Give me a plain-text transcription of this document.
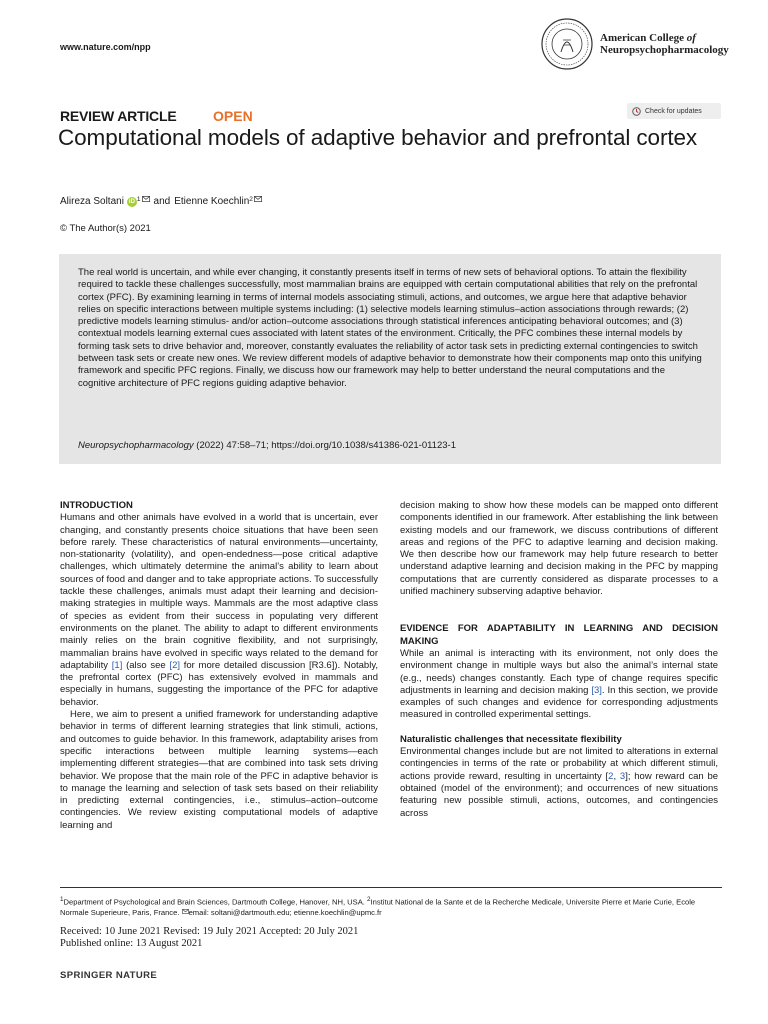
www.nature.com/npp
American College of
Neuropsychopharmacology
REVIEW ARTICLE	OPEN	Check for updates
Computational models of adaptive behavior and prefrontal cortex
Alireza Soltani iD $^1$ and Etienne Koechlin$^2$
© The Author(s) 2021
The real world is uncertain, and while ever changing, it constantly presents itself in terms of new sets of behavioral options. To attain the flexibility required to tackle these challenges successfully, most mammalian brains are equipped with certain computational abilities that rely on the prefrontal cortex (PFC). By examining learning in terms of internal models associating stimuli, actions, and outcomes, we argue here that adaptive behavior relies on specific interactions between multiple systems including: (1) selective models learning stimulus–action associations through rewards; (2) predictive models learning stimulus- and/or action–outcome associations through statistical inferences anticipating behavioral outcomes; and (3) contextual models learning external cues associated with latent states of the environment. Critically, the PFC combines these internal models by forming task sets to drive behavior and, moreover, constantly evaluates the reliability of actor task sets in predicting external contingencies to switch between task sets or create new ones. We review different models of adaptive behavior to demonstrate how their components map onto this unifying framework and specific PFC regions. Finally, we discuss how our framework may help to better understand the neural computations and the cognitive architecture of PFC regions guiding adaptive behavior.
Neuropsychopharmacology (2022) 47:58–71; https://doi.org/10.1038/s41386-021-01123-1
INTRODUCTION
Humans and other animals have evolved in a world that is uncertain, ever changing, and constantly presents choice situations that have been seen before rarely. These characteristics of natural environments—uncertainty, non-stationarity (volatility), and open-endedness—pose critical adaptive challenges, which ultimately determine the animal’s ability to learn about sources of food and danger and to take appropriate actions. To successfully tackle these challenges, animals must adapt their learning and decision-making strategies in multiple ways. Mammals are the most adaptive class of species as evident from their success in populating very different environments on the planet. The ability to adapt to different environments mainly relies on the brain cognitive flexibility, and not surprisingly, mammalian brains have evolved in specific ways related to the demand for adaptability [1] (also see [2] for more detailed discussion [R3.6]). Notably, the prefrontal cortex (PFC) has extensively evolved in mammals and especially in humans, suggesting the importance of the PFC for adaptive behavior.
Here, we aim to present a unified framework for understanding adaptive behavior in terms of different learning strategies that link stimuli, actions, and outcomes to guide behavior. In this framework, adaptability arises from specific interactions between multiple learning systems—each implementing different strategies—that are combined into task sets driving behavior. We propose that the main role of the PFC in adaptive behavior is to manage the learning and selection of task sets based on their reliability in predicting external contingencies, i.e., stimulus–action–outcome contingencies. We review existing computational models of adaptive learning and
decision making to show how these models can be mapped onto different components identified in our framework. After establishing the link between existing models and our framework, we discuss contributions of different areas and regions of the PFC to adaptive learning and decision making. We then describe how our framework may help future research to better understand adaptive learning and decision making in the PFC by mapping computations that are currently considered as disparate processes to a unified machinery subserving adaptive behavior.
EVIDENCE FOR ADAPTABILITY IN LEARNING AND DECISION MAKING
While an animal is interacting with its environment, not only does the environment change in multiple ways but also the animal’s internal state (e.g., needs) changes constantly. Each type of change requires specific adjustments in learning and decision making [3]. In this section, we provide examples of such changes and evidence for corresponding adjustments measured in controlled experimental settings.
Naturalistic challenges that necessitate flexibility
Environmental changes include but are not limited to alterations in external contingencies in terms of the rate or probability at which different stimuli, actions provide reward, resulting in uncertainty [2, 3]; how reward can be obtained (model of the environment); and occurrences of new situations featuring new possible stimuli, actions, outcomes, and contingencies across
$^1$Department of Psychological and Brain Sciences, Dartmouth College, Hanover, NH, USA. $^2$Institut National de la Sante et de la Recherche Medicale, Universite Pierre et Marie Curie, Ecole Normale Superieure, Paris, France. email: soltani@dartmouth.edu; etienne.koechlin@upmc.fr
Received: 10 June 2021 Revised: 19 July 2021 Accepted: 20 July 2021
Published online: 13 August 2021
SPRINGER NATURE
